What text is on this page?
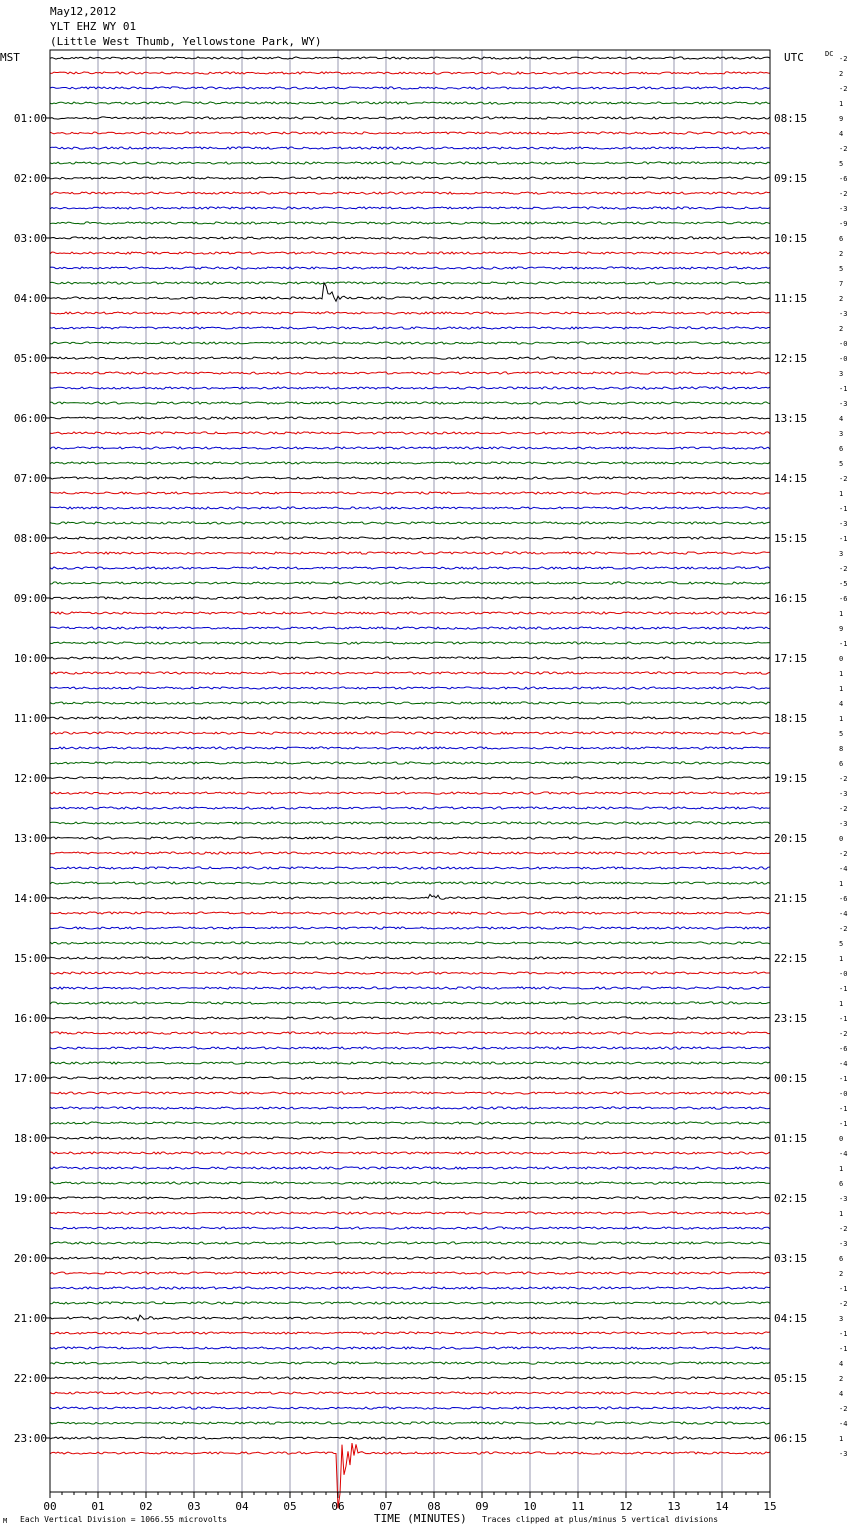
May12,2012
YLT EHZ WY 01
(Little West Thumb, Yellowstone Park, WY)
MST	UTC	DC
00	01	02	03	04	05	06	07	08	09	10	11	12	13	14	15
01:00
02:00
03:00
04:00
05:00
06:00
07:00
08:00
09:00
10:00
11:00
12:00
13:00
14:00
15:00
16:00
17:00
18:00
19:00
20:00
21:00
22:00
23:00
08:15
09:15
10:15
11:15
12:15
13:15
14:15
15:15
16:15
17:15
18:15
19:15
20:15
21:15
22:15
23:15
00:15
01:15
02:15
03:15
04:15
05:15
06:15
-2
2
-2
1
9
4
-2
5
-6
-2
-3
-9
6
2
5
7
2
-3
2
-0
-0
3
-1
-3
4
3
6
5
-2
1
-1
-3
-1
3
-2
-5
-6
1
9
-1
0
1
1
4
1
5
8
6
-2
-3
-2
-3
0
-2
-4
1
-6
-4
-2
5
1
-0
-1
1
-1
-2
-6
-4
-1
-0
-1
-1
0
-4
1
6
-3
1
-2
-3
6
2
-1
-2
3
-1
-1
4
2
4
-2
-4
1
-3
M Each Vertical Division = 1066.55 microvolts	TIME (MINUTES) Traces clipped at plus/minus 5 vertical divisions
